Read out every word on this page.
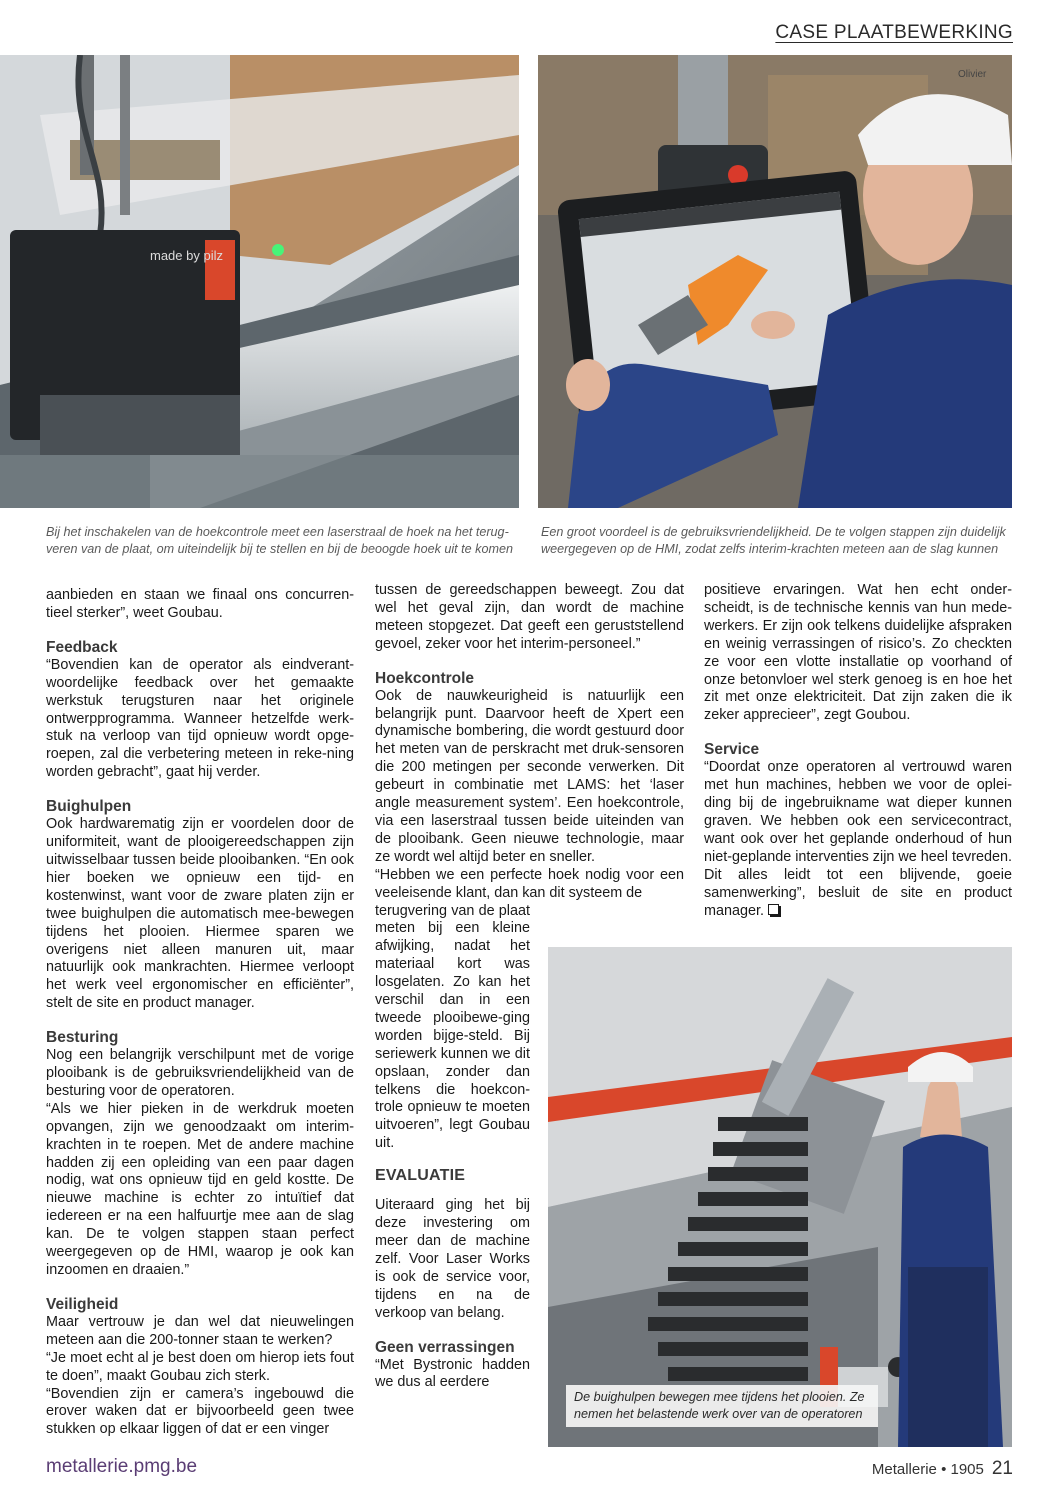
CASE PLAATBEWERKING
made by pilz
Olivier
Bij het inschakelen van de hoekcontrole meet een laserstraal de hoek na het terug-veren van de plaat, om uiteindelijk bij te stellen en bij de beoogde hoek uit te komen
Een groot voordeel is de gebruiksvriendelijkheid. De te volgen stappen zijn duidelijk weergegeven op de HMI, zodat zelfs interim-krachten meteen aan de slag kunnen

aanbieden en staan we finaal ons concurren-tieel sterker”, weet Goubau.

Feedback

“Bovendien kan de operator als eindverant-woordelijke feedback over het gemaakte werkstuk terugsturen naar het originele ontwerpprogramma. Wanneer hetzelfde werk-stuk na verloop van tijd opnieuw wordt opge-roepen, zal die verbetering meteen in reke-ning worden gebracht”, gaat hij verder.

Buighulpen

Ook hardwarematig zijn er voordelen door de uniformiteit, want de plooigereedschappen zijn uitwisselbaar tussen beide plooibanken. “En ook hier boeken we opnieuw een tijd- en kostenwinst, want voor de zware platen zijn er twee buighulpen die automatisch mee-bewegen tijdens het plooien. Hiermee sparen we overigens niet alleen manuren uit, maar natuurlijk ook mankrachten. Hiermee verloopt het werk veel ergonomischer en efficiënter”, stelt de site en product manager.

Besturing

Nog een belangrijk verschilpunt met de vorige plooibank is de gebruiksvriendelijkheid van de besturing voor de operatoren.

“Als we hier pieken in de werkdruk moeten opvangen, zijn we genoodzaakt om interim-krachten in te roepen. Met de andere machine hadden zij een opleiding van een paar dagen nodig, wat ons opnieuw tijd en geld kostte. De nieuwe machine is echter zo intuïtief dat iedereen er na een halfuurtje mee aan de slag kan. De te volgen stappen staan perfect weergegeven op de HMI, waarop je ook kan inzoomen en draaien.”

Veiligheid

Maar vertrouw je dan wel dat nieuwelingen meteen aan die 200-tonner staan te werken?

“Je moet echt al je best doen om hierop iets fout te doen”, maakt Goubau zich sterk.

“Bovendien zijn er camera’s ingebouwd die erover waken dat er bijvoorbeeld geen twee stukken op elkaar liggen of dat er een vinger

tussen de gereedschappen beweegt. Zou dat wel het geval zijn, dan wordt de machine meteen stopgezet. Dat geeft een geruststellend gevoel, zeker voor het interim-personeel.”

Hoekcontrole

Ook de nauwkeurigheid is natuurlijk een belangrijk punt. Daarvoor heeft de Xpert een dynamische bombering, die wordt gestuurd door het meten van de perskracht met druk-sensoren die 200 metingen per seconde verwerken. Dit gebeurt in combinatie met LAMS: het ‘laser angle measurement system’. Een hoekcontrole, via een laserstraal tussen beide uiteinden van de plooibank. Geen nieuwe technologie, maar ze wordt wel altijd beter en sneller.

“Hebben we een perfecte hoek nodig voor een veeleisende klant, dan kan dit systeem de

terugvering van de plaat meten bij een kleine afwijking, nadat het materiaal kort was losgelaten. Zo kan het verschil dan in een tweede plooibewe-ging worden bijge-steld. Bij seriewerk kunnen we dit opslaan, zonder dan telkens die hoekcon-trole opnieuw te moeten uitvoeren”, legt Goubau uit.

EVALUATIE

Uiteraard ging het bij deze investering om meer dan de machine zelf. Voor Laser Works is ook de service voor, tijdens en na de verkoop van belang.

Geen verrassingen

“Met Bystronic hadden we dus al eerdere

positieve ervaringen. Wat hen echt onder-scheidt, is de technische kennis van hun mede-werkers. Er zijn ook telkens duidelijke afspraken en weinig verrassingen of risico’s. Zo checkten ze voor een vlotte installatie op voorhand of onze betonvloer wel sterk genoeg is en hoe het zit met onze elektriciteit. Dat zijn zaken die ik zeker apprecieer”, zegt Goubou.

Service

“Doordat onze operatoren al vertrouwd waren met hun machines, hebben we voor de oplei-ding bij de ingebruikname wat dieper kunnen graven. We hebben ook een servicecontract, want ook over het geplande onderhoud of hun niet-geplande interventies zijn we heel tevreden. Dit alles leidt tot een blijvende, goeie samenwerking”, besluit de site en product manager.

De buighulpen bewegen mee tijdens het plooien. Ze nemen het belastende werk over van de operatoren
metallerie.pmg.be	Metallerie • 1905 21
